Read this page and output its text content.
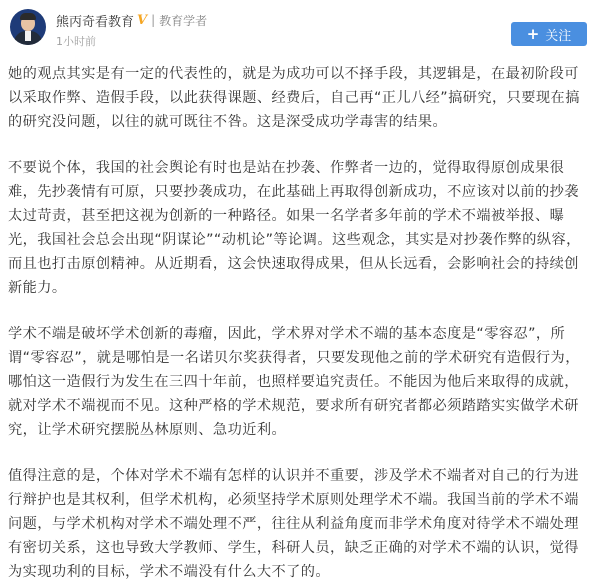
熊丙奇看教育 V | 教育学者
1小时前	+ 关注

她的观点其实是有一定的代表性的，就是为成功可以不择手段，其逻辑是，在最初阶段可以采取作弊、造假手段，以此获得课题、经费后，自己再“正儿八经”搞研究，只要现在搞的研究没问题，以往的就可既往不咎。这是深受成功学毒害的结果。

不要说个体，我国的社会舆论有时也是站在抄袭、作弊者一边的，觉得取得原创成果很难，先抄袭情有可原，只要抄袭成功，在此基础上再取得创新成功，不应该对以前的抄袭太过苛责，甚至把这视为创新的一种路径。如果一名学者多年前的学术不端被举报、曝光，我国社会总会出现“阴谋论”“动机论”等论调。这些观念，其实是对抄袭作弊的纵容，而且也打击原创精神。从近期看，这会快速取得成果，但从长远看，会影响社会的持续创新能力。

学术不端是破坏学术创新的毒瘤，因此，学术界对学术不端的基本态度是“零容忍”，所谓“零容忍”，就是哪怕是一名诺贝尔奖获得者，只要发现他之前的学术研究有造假行为，哪怕这一造假行为发生在三四十年前，也照样要追究责任。不能因为他后来取得的成就，就对学术不端视而不见。这种严格的学术规范，要求所有研究者都必须踏踏实实做学术研究，让学术研究摆脱丛林原则、急功近利。

值得注意的是，个体对学术不端有怎样的认识并不重要，涉及学术不端者对自己的行为进行辩护也是其权利，但学术机构，必须坚持学术原则处理学术不端。我国当前的学术不端问题，与学术机构对学术不端处理不严，往往从利益角度而非学术角度对待学术不端处理有密切关系，这也导致大学教师、学生，科研人员，缺乏正确的对学术不端的认识，觉得为实现功利的目标，学术不端没有什么大不了的。
